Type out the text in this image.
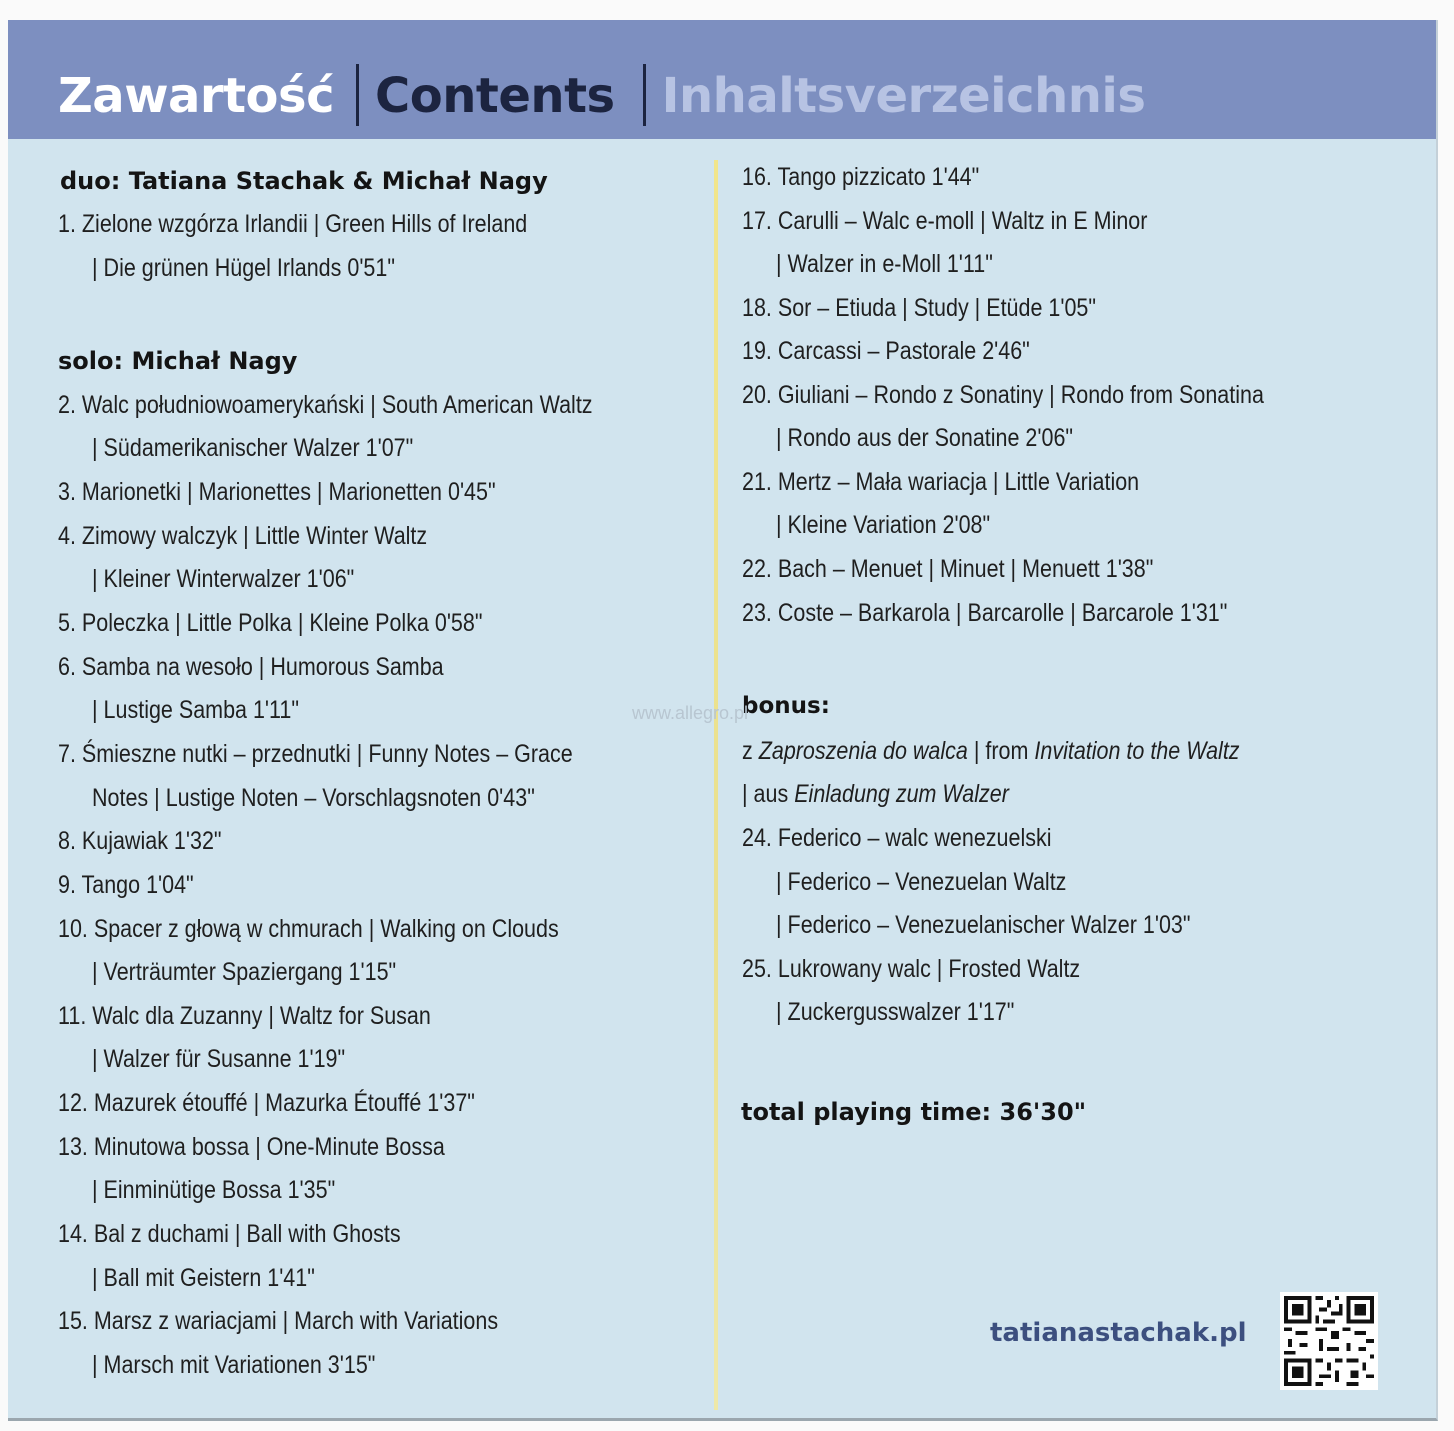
Zawartość Contents Inhaltsverzeichnis
duo: Tatiana Stachak & Michał Nagy
1. Zielone wzgórza Irlandii | Green Hills of Ireland
| Die grünen Hügel Irlands 0'51"
solo: Michał Nagy
2. Walc południowoamerykański | South American Waltz
| Südamerikanischer Walzer 1'07"
3. Marionetki | Marionettes | Marionetten 0'45"
4. Zimowy walczyk | Little Winter Waltz
| Kleiner Winterwalzer 1'06"
5. Poleczka | Little Polka | Kleine Polka 0'58"
6. Samba na wesoło | Humorous Samba
| Lustige Samba 1'11"
7. Śmieszne nutki – przednutki | Funny Notes – Grace
Notes | Lustige Noten – Vorschlagsnoten 0'43"
8. Kujawiak 1'32"
9. Tango 1'04"
10. Spacer z głową w chmurach | Walking on Clouds
| Verträumter Spaziergang 1'15"
11. Walc dla Zuzanny | Waltz for Susan
| Walzer für Susanne 1'19"
12. Mazurek étouffé | Mazurka Étouffé 1'37"
13. Minutowa bossa | One-Minute Bossa
| Einminütige Bossa 1'35"
14. Bal z duchami | Ball with Ghosts
| Ball mit Geistern 1'41"
15. Marsz z wariacjami | March with Variations
| Marsch mit Variationen 3'15"
16. Tango pizzicato 1'44"
17. Carulli – Walc e-moll | Waltz in E Minor
| Walzer in e-Moll 1'11"
18. Sor – Etiuda | Study | Etüde 1'05"
19. Carcassi – Pastorale 2'46"
20. Giuliani – Rondo z Sonatiny | Rondo from Sonatina
| Rondo aus der Sonatine 2'06"
21. Mertz – Mała wariacja | Little Variation
| Kleine Variation 2'08"
22. Bach – Menuet | Minuet | Menuett 1'38"
23. Coste – Barkarola | Barcarolle | Barcarole 1'31"
bonus:
z Zaproszenia do walca | from Invitation to the Waltz
| aus Einladung zum Walzer
24. Federico – walc wenezuelski
| Federico – Venezuelan Waltz
| Federico – Venezuelanischer Walzer 1'03"
25. Lukrowany walc | Frosted Waltz
| Zuckergusswalzer 1'17"
total playing time: 36'30"
www.allegro.pl
tatianastachak.pl
